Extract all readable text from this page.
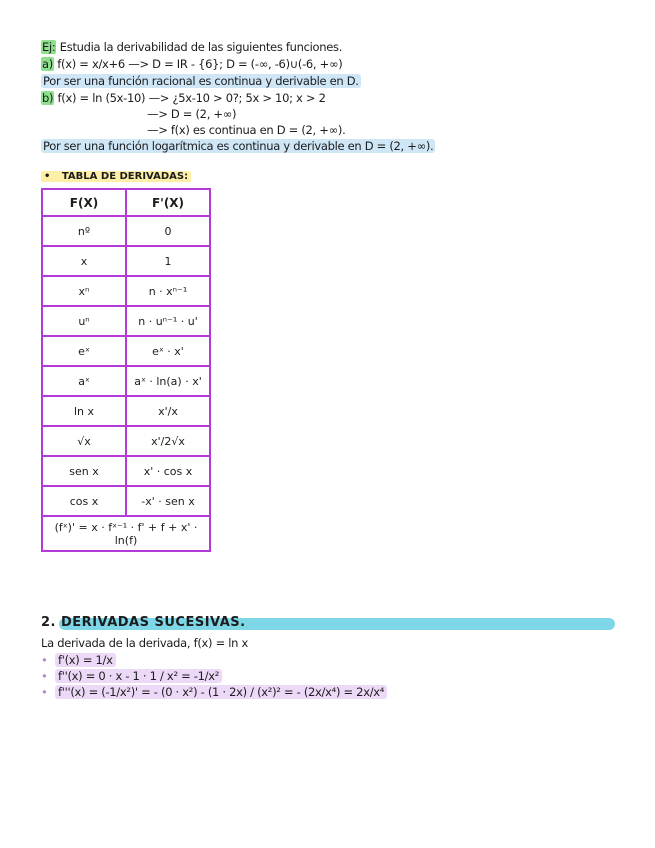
Ej: Estudia la derivabilidad de las siguientes funciones.
a) f(x) = x/x+6 —> D = IR - {6}; D = (-∞, -6)∪(-6, +∞)
Por ser una función racional es continua y derivable en D.
b) f(x) = ln (5x-10) —> ¿5x-10 > 0?; 5x > 10; x > 2
—> D = (2, +∞)
—> f(x) es continua en D = (2, +∞).
Por ser una función logarítmica es continua y derivable en D = (2, +∞).
• TABLA DE DERIVADAS:
F(X)	F'(X)
nº	0
x	1
xⁿ	n · xⁿ⁻¹
uⁿ	n · uⁿ⁻¹ · u'
eˣ	eˣ · x'
aˣ	aˣ · ln(a) · x'
ln x	x'/x
√x	x'/2√x
sen x	x' · cos x
cos x	-x' · sen x
(fˣ)' = x · fˣ⁻¹ · f' + f + x' · ln(f)	
2. DERIVADAS SUCESIVAS.
La derivada de la derivada, f(x) = ln x
• f'(x) = 1/x
• f''(x) = 0 · x - 1 · 1 / x² = -1/x²
• f'''(x) = (-1/x²)' = - (0 · x²) - (1 · 2x) / (x²)² = - (2x/x⁴) = 2x/x⁴
